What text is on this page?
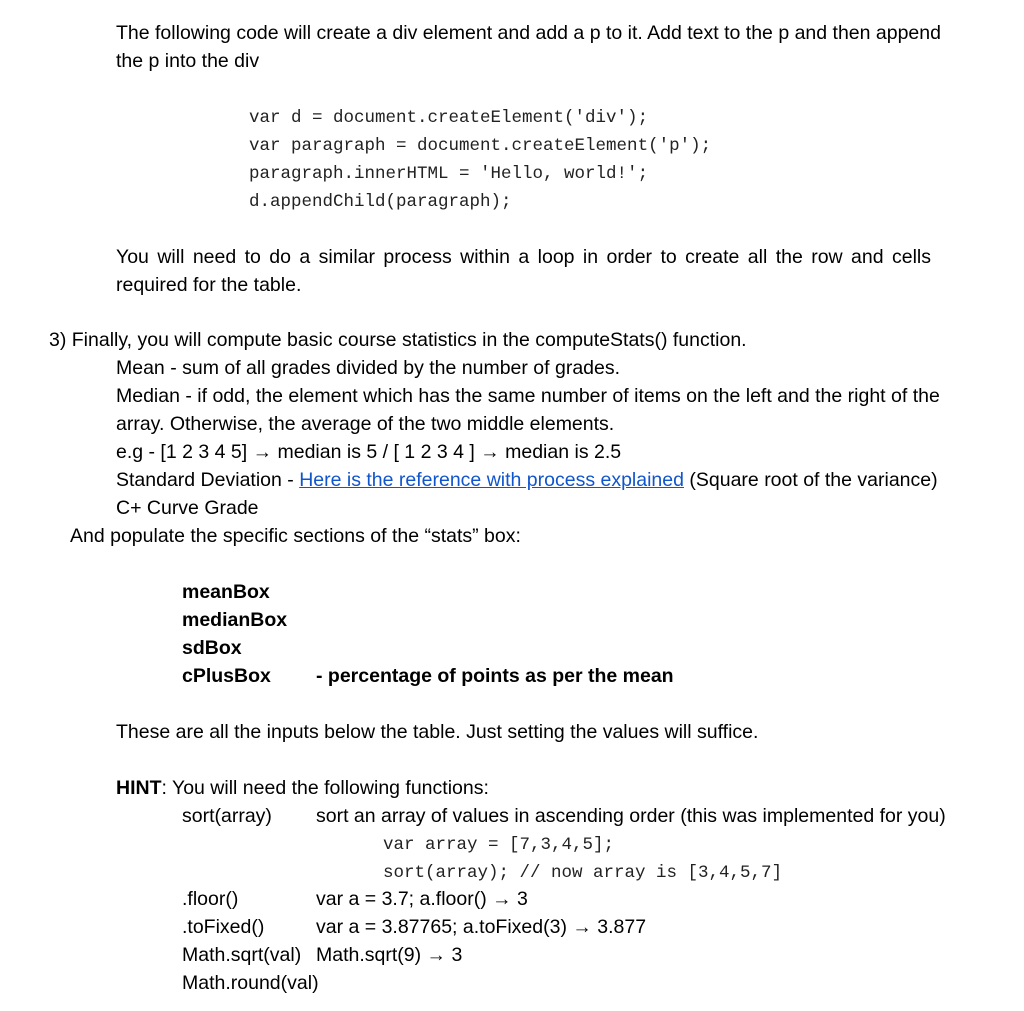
The following code will create a div element and add a p to it. Add text to the p and then append
the p into the div
var d = document.createElement('div');
var paragraph = document.createElement('p');
paragraph.innerHTML = 'Hello, world!';
d.appendChild(paragraph);
You will need to do a similar process within a loop in order to create all the row and cells
required for the table.
3) Finally, you will compute basic course statistics in the computeStats() function.
Mean - sum of all grades divided by the number of grades.
Median - if odd, the element which has the same number of items on the left and the right of the
array. Otherwise, the average of the two middle elements.
e.g - [1 2 3 4 5] → median is 5 / [ 1 2 3 4 ] → median is 2.5
Standard Deviation - Here is the reference with process explained (Square root of the variance)
C+ Curve Grade
And populate the specific sections of the “stats” box:
meanBox
medianBox
sdBox
cPlusBox - percentage of points as per the mean
These are all the inputs below the table. Just setting the values will suffice.
HINT: You will need the following functions:
sort(array) sort an array of values in ascending order (this was implemented for you)
var array = [7,3,4,5];
sort(array); // now array is [3,4,5,7]
.floor()	var a = 3.7; a.floor() → 3
.toFixed()	var a = 3.87765; a.toFixed(3) → 3.877
Math.sqrt(val) Math.sqrt(9) → 3
Math.round(val)
